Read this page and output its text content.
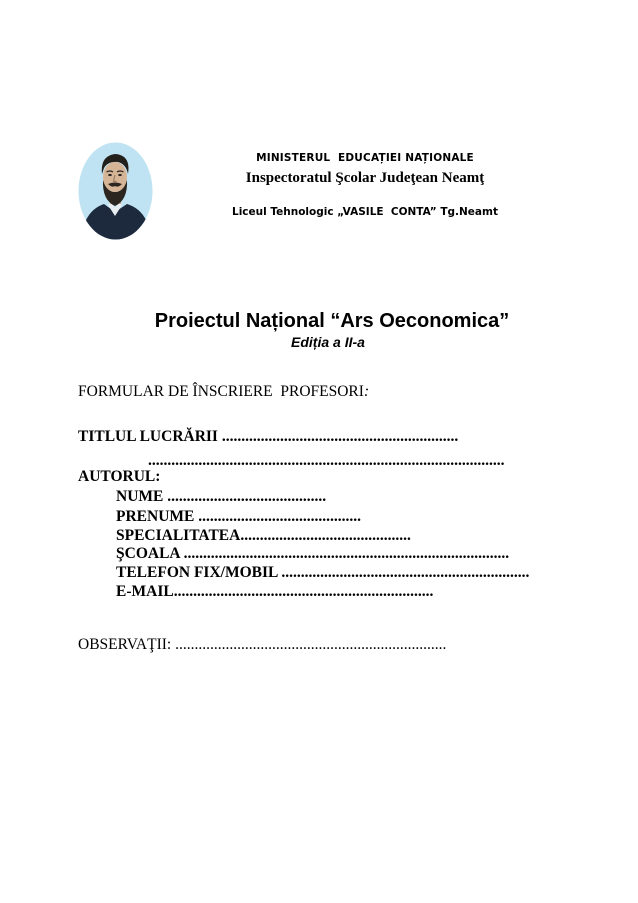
MINISTERUL  EDUCAȚIEI NAȚIONALE
Inspectoratul Şcolar Judeţean Neamţ
Liceul Tehnologic „VASILE  CONTA” Tg.Neamt
Proiectul Național “Ars Oeconomica”
Ediția a II-a
FORMULAR DE ÎNSCRIERE  PROFESORI:
TITLUL LUCRĂRII .............................................................
............................................................................................
AUTORUL:
NUME .........................................
PRENUME ..........................................
SPECIALITATEA............................................
ŞCOALA ....................................................................................
TELEFON FIX/MOBIL ................................................................
E-MAIL...................................................................
OBSERVAŢII: ......................................................................
